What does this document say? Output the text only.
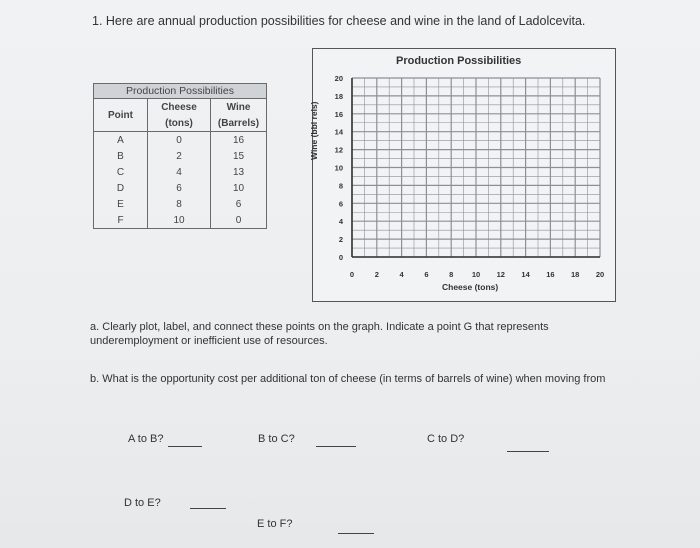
1. Here are annual production possibilities for cheese and wine in the land of Ladolcevita.
Production Possibilities		
Point	Cheese	Wine
	(tons)	(Barrels)
A	0	16
B	2	15
C	4	13
D	6	10
E	8	6
F	10	0
Production Possibilities
0	2	4	6	8 10 12 14 16 18 20
0
2
4
6
8
10
12
14
16
18
20
Wine (bbl rels)
Cheese (tons)
a. Clearly plot, label, and connect these points on the graph. Indicate a point G that represents underemployment or inefficient use of resources.
b. What is the opportunity cost per additional ton of cheese (in terms of barrels of wine) when moving from
A to B?	B to C?	C to D?
D to E?
E to F?
